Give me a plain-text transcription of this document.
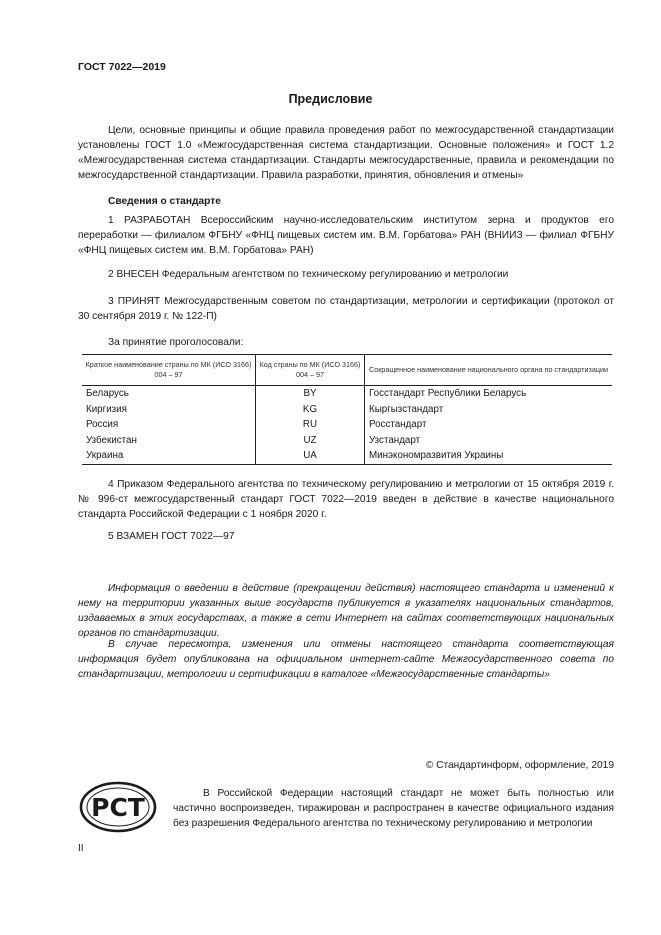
ГОСТ 7022—2019
Предисловие
Цели, основные принципы и общие правила проведения работ по межгосударственной стандартизации установлены ГОСТ 1.0 «Межгосударственная система стандартизации. Основные положения» и ГОСТ 1.2 «Межгосударственная система стандартизации. Стандарты межгосударственные, правила и рекомендации по межгосударственной стандартизации. Правила разработки, принятия, обновления и отмены»
Сведения о стандарте
1 РАЗРАБОТАН Всероссийским научно-исследовательским институтом зерна и продуктов его переработки — филиалом ФГБНУ «ФНЦ пищевых систем им. В.М. Горбатова» РАН (ВНИИЗ — филиал ФГБНУ «ФНЦ пищевых систем им. В.М. Горбатова» РАН)
2 ВНЕСЕН Федеральным агентством по техническому регулированию и метрологии
3 ПРИНЯТ Межгосударственным советом по стандартизации, метрологии и сертификации (протокол от 30 сентября 2019 г. № 122-П)
За принятие проголосовали:
Краткое наименование страны по МК (ИСО 3166) 004 – 97	Код страны по МК (ИСО 3166) 004 – 97	Сокращенное наименование национального органа по стандартизации
Беларусь	BY	Госстандарт Республики Беларусь
Киргизия	KG	Кыргызстандарт
Россия	RU	Росстандарт
Узбекистан	UZ	Узстандарт
Украина	UA	Минэкономразвития Украины
4 Приказом Федерального агентства по техническому регулированию и метрологии от 15 октября 2019 г. № 996-ст межгосударственный стандарт ГОСТ 7022—2019 введен в действие в качестве национального стандарта Российской Федерации с 1 ноября 2020 г.
5 ВЗАМЕН ГОСТ 7022—97
Информация о введении в действие (прекращении действия) настоящего стандарта и изменений к нему на территории указанных выше государств публикуется в указателях национальных стандартов, издаваемых в этих государствах, а также в сети Интернет на сайтах соответствующих национальных органов по стандартизации.
В случае пересмотра, изменения или отмены настоящего стандарта соответствующая информация будет опубликована на официальном интернет-сайте Межгосударственного совета по стандартизации, метрологии и сертификации в каталоге «Межгосударственные стандарты»
© Стандартинформ, оформление, 2019
РСТ	В Российской Федерации настоящий стандарт не может быть полностью или частично воспроизведен, тиражирован и распространен в качестве официального издания без разрешения Федерального агентства по техническому регулированию и метрологии
II
